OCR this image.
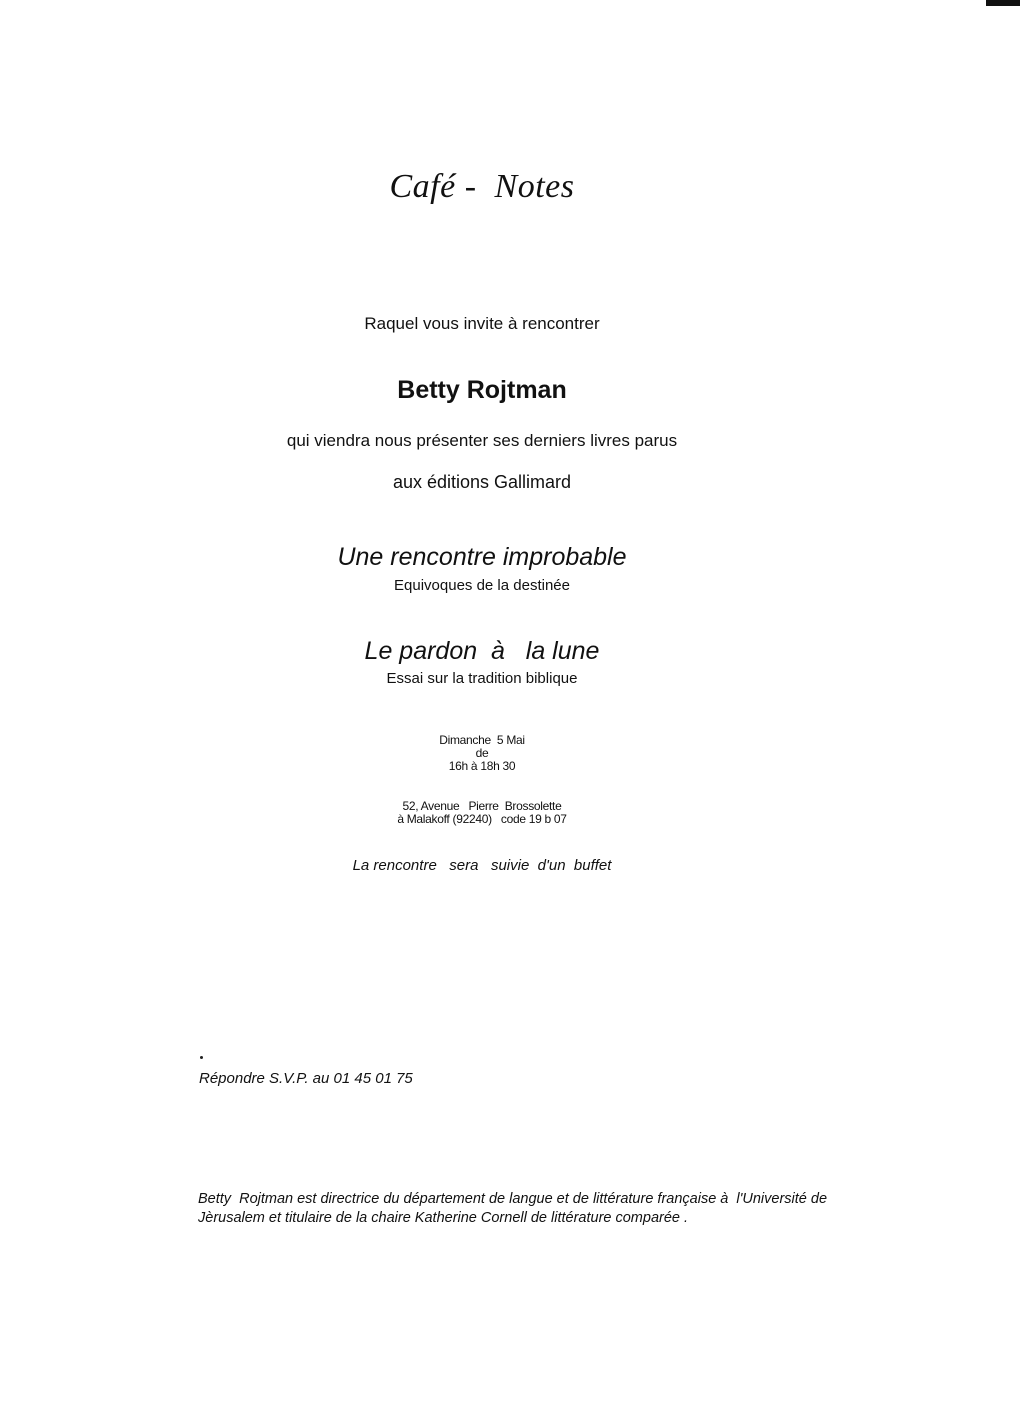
Café -  Notes
Raquel vous invite à rencontrer
Betty Rojtman
qui viendra nous présenter ses derniers livres parus
aux éditions Gallimard
Une rencontre improbable
Equivoques de la destinée
Le pardon  à   la lune
Essai sur la tradition biblique
Dimanche  5 Mai
de
16h à 18h 30
52, Avenue   Pierre  Brossolette
à Malakoff (92240)   code 19 b 07
La rencontre   sera   suivie  d'un  buffet
Répondre S.V.P. au 01 45 01 75
Betty  Rojtman est directrice du département de langue et de littérature française à  l'Université de
Jèrusalem et titulaire de la chaire Katherine Cornell de littérature comparée .
